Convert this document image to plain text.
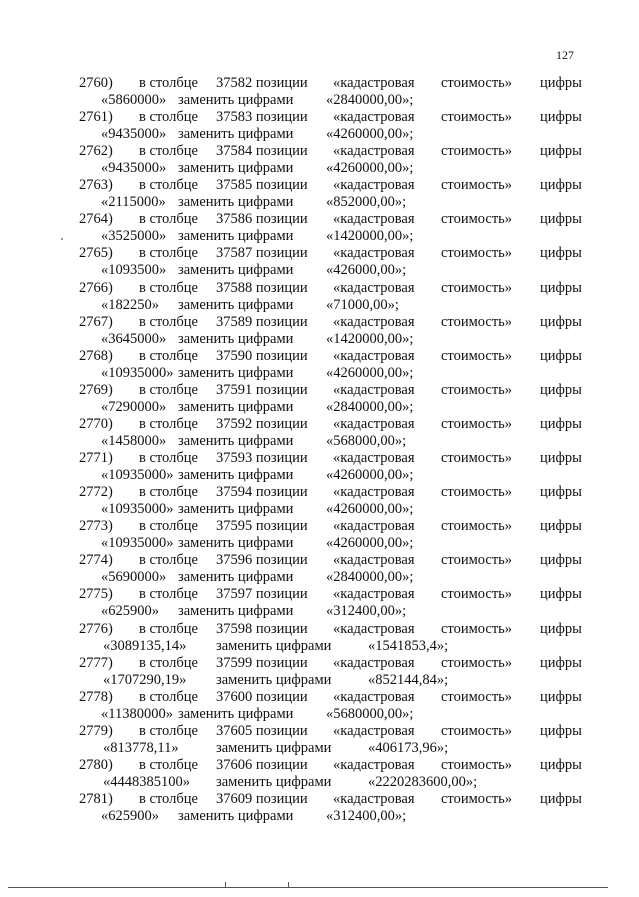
127
2760) в столбце 37582 позиции «кадастровая стоимость» цифры
«5860000» заменить цифрами «2840000,00»;
2761) в столбце 37583 позиции «кадастровая стоимость» цифры
«9435000» заменить цифрами «4260000,00»;
2762) в столбце 37584 позиции «кадастровая стоимость» цифры
«9435000» заменить цифрами «4260000,00»;
2763) в столбце 37585 позиции «кадастровая стоимость» цифры
«2115000» заменить цифрами «852000,00»;
2764) в столбце 37586 позиции «кадастровая стоимость» цифры
«3525000» заменить цифрами «1420000,00»;
2765) в столбце 37587 позиции «кадастровая стоимость» цифры
«1093500» заменить цифрами «426000,00»;
2766) в столбце 37588 позиции «кадастровая стоимость» цифры
«182250» заменить цифрами «71000,00»;
2767) в столбце 37589 позиции «кадастровая стоимость» цифры
«3645000» заменить цифрами «1420000,00»;
2768) в столбце 37590 позиции «кадастровая стоимость» цифры
«10935000» заменить цифрами «4260000,00»;
2769) в столбце 37591 позиции «кадастровая стоимость» цифры
«7290000» заменить цифрами «2840000,00»;
2770) в столбце 37592 позиции «кадастровая стоимость» цифры
«1458000» заменить цифрами «568000,00»;
2771) в столбце 37593 позиции «кадастровая стоимость» цифры
«10935000» заменить цифрами «4260000,00»;
2772) в столбце 37594 позиции «кадастровая стоимость» цифры
«10935000» заменить цифрами «4260000,00»;
2773) в столбце 37595 позиции «кадастровая стоимость» цифры
«10935000» заменить цифрами «4260000,00»;
2774) в столбце 37596 позиции «кадастровая стоимость» цифры
«5690000» заменить цифрами «2840000,00»;
2775) в столбце 37597 позиции «кадастровая стоимость» цифры
«625900» заменить цифрами «312400,00»;
2776) в столбце 37598 позиции «кадастровая стоимость» цифры
«3089135,14» заменить цифрами	«1541853,4»;
2777) в столбце 37599 позиции «кадастровая стоимость» цифры
«1707290,19» заменить цифрами	«852144,84»;
2778) в столбце 37600 позиции «кадастровая стоимость» цифры
«11380000» заменить цифрами «5680000,00»;
2779) в столбце 37605 позиции «кадастровая стоимость» цифры
«813778,11»	заменить цифрами	«406173,96»;
2780) в столбце 37606 позиции «кадастровая стоимость» цифры
«4448385100» заменить цифрами	«2220283600,00»;
2781) в столбце 37609 позиции «кадастровая стоимость» цифры
«625900» заменить цифрами «312400,00»;
